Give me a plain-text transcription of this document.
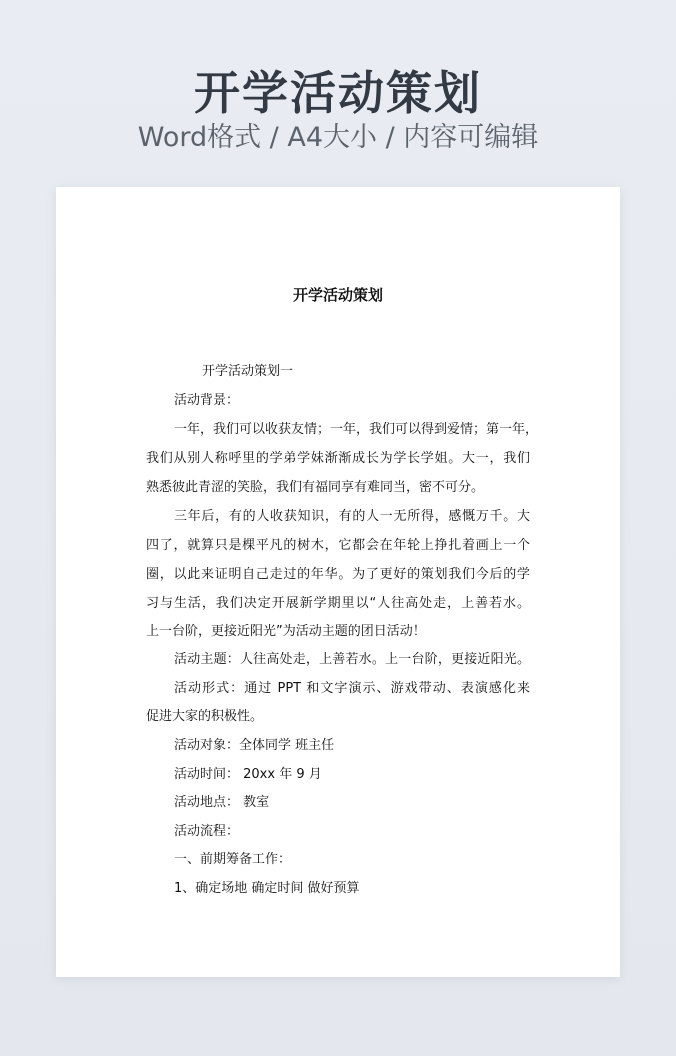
开学活动策划
Word格式 / A4大小 / 内容可编辑
开学活动策划
开学活动策划一
活动背景：
一年，我们可以收获友情；一年，我们可以得到爱情；第一年，
我们从别人称呼里的学弟学妹渐渐成长为学长学姐。大一，我们
熟悉彼此青涩的笑脸，我们有福同享有难同当，密不可分。
三年后，有的人收获知识，有的人一无所得，感慨万千。大
四了，就算只是棵平凡的树木，它都会在年轮上挣扎着画上一个
圈，以此来证明自己走过的年华。为了更好的策划我们今后的学
习与生活，我们决定开展新学期里以“人往高处走，上善若水。
上一台阶，更接近阳光”为活动主题的团日活动！
活动主题：人往高处走，上善若水。上一台阶，更接近阳光。
活动形式：通过 PPT 和文字演示、游戏带动、表演感化来
促进大家的积极性。
活动对象：全体同学 班主任
活动时间： 20xx 年 9 月
活动地点： 教室
活动流程：
一、前期筹备工作：
1、确定场地 确定时间 做好预算
